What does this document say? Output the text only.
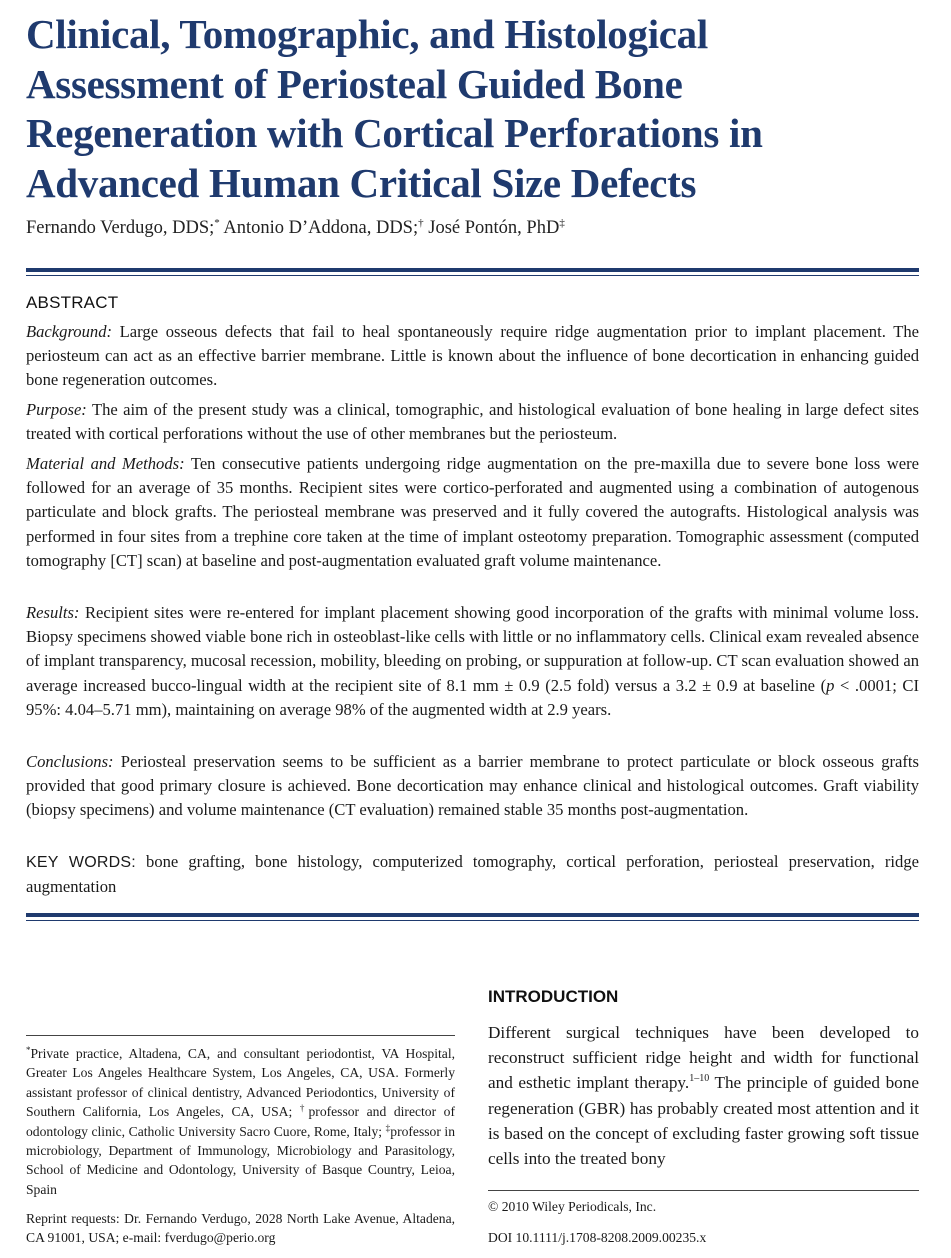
Clinical, Tomographic, and Histological Assessment of Periosteal Guided Bone Regeneration with Cortical Perforations in Advanced Human Critical Size Defects
Fernando Verdugo, DDS;* Antonio D’Addona, DDS;† José Pontón, PhD‡
ABSTRACT

Background: Large osseous defects that fail to heal spontaneously require ridge augmentation prior to implant placement. The periosteum can act as an effective barrier membrane. Little is known about the influence of bone decortication in enhancing guided bone regeneration outcomes.

Purpose: The aim of the present study was a clinical, tomographic, and histological evaluation of bone healing in large defect sites treated with cortical perforations without the use of other membranes but the periosteum.

Material and Methods: Ten consecutive patients undergoing ridge augmentation on the pre-maxilla due to severe bone loss were followed for an average of 35 months. Recipient sites were cortico-perforated and augmented using a combination of autogenous particulate and block grafts. The periosteal membrane was preserved and it fully covered the autografts. Histological analysis was performed in four sites from a trephine core taken at the time of implant osteotomy preparation. Tomographic assessment (computed tomography [CT] scan) at baseline and post-augmentation evaluated graft volume maintenance.

Results: Recipient sites were re-entered for implant placement showing good incorporation of the grafts with minimal volume loss. Biopsy specimens showed viable bone rich in osteoblast-like cells with little or no inflammatory cells. Clinical exam revealed absence of implant transparency, mucosal recession, mobility, bleeding on probing, or suppuration at follow-up. CT scan evaluation showed an average increased bucco-lingual width at the recipient site of 8.1 mm ± 0.9 (2.5 fold) versus a 3.2 ± 0.9 at baseline (p < .0001; CI 95%: 4.04–5.71 mm), maintaining on average 98% of the augmented width at 2.9 years.

Conclusions: Periosteal preservation seems to be sufficient as a barrier membrane to protect particulate or block osseous grafts provided that good primary closure is achieved. Bone decortication may enhance clinical and histological outcomes. Graft viability (biopsy specimens) and volume maintenance (CT evaluation) remained stable 35 months post-augmentation.

KEY WORDS: bone grafting, bone histology, computerized tomography, cortical perforation, periosteal preservation, ridge augmentation

*Private practice, Altadena, CA, and consultant periodontist, VA Hospital, Greater Los Angeles Healthcare System, Los Angeles, CA, USA. Formerly assistant professor of clinical dentistry, Advanced Periodontics, University of Southern California, Los Angeles, CA, USA; †professor and director of odontology clinic, Catholic University Sacro Cuore, Rome, Italy; ‡professor in microbiology, Department of Immunology, Microbiology and Parasitology, School of Medicine and Odontology, University of Basque Country, Leioa, Spain

Reprint requests: Dr. Fernando Verdugo, 2028 North Lake Avenue, Altadena, CA 91001, USA; e-mail: fverdugo@perio.org

INTRODUCTION

Different surgical techniques have been developed to reconstruct sufficient ridge height and width for functional and esthetic implant therapy.$^{1-10}$ The principle of guided bone regeneration (GBR) has probably created most attention and it is based on the concept of excluding faster growing soft tissue cells into the treated bony

© 2010 Wiley Periodicals, Inc.
DOI 10.1111/j.1708-8208.2009.00235.x
